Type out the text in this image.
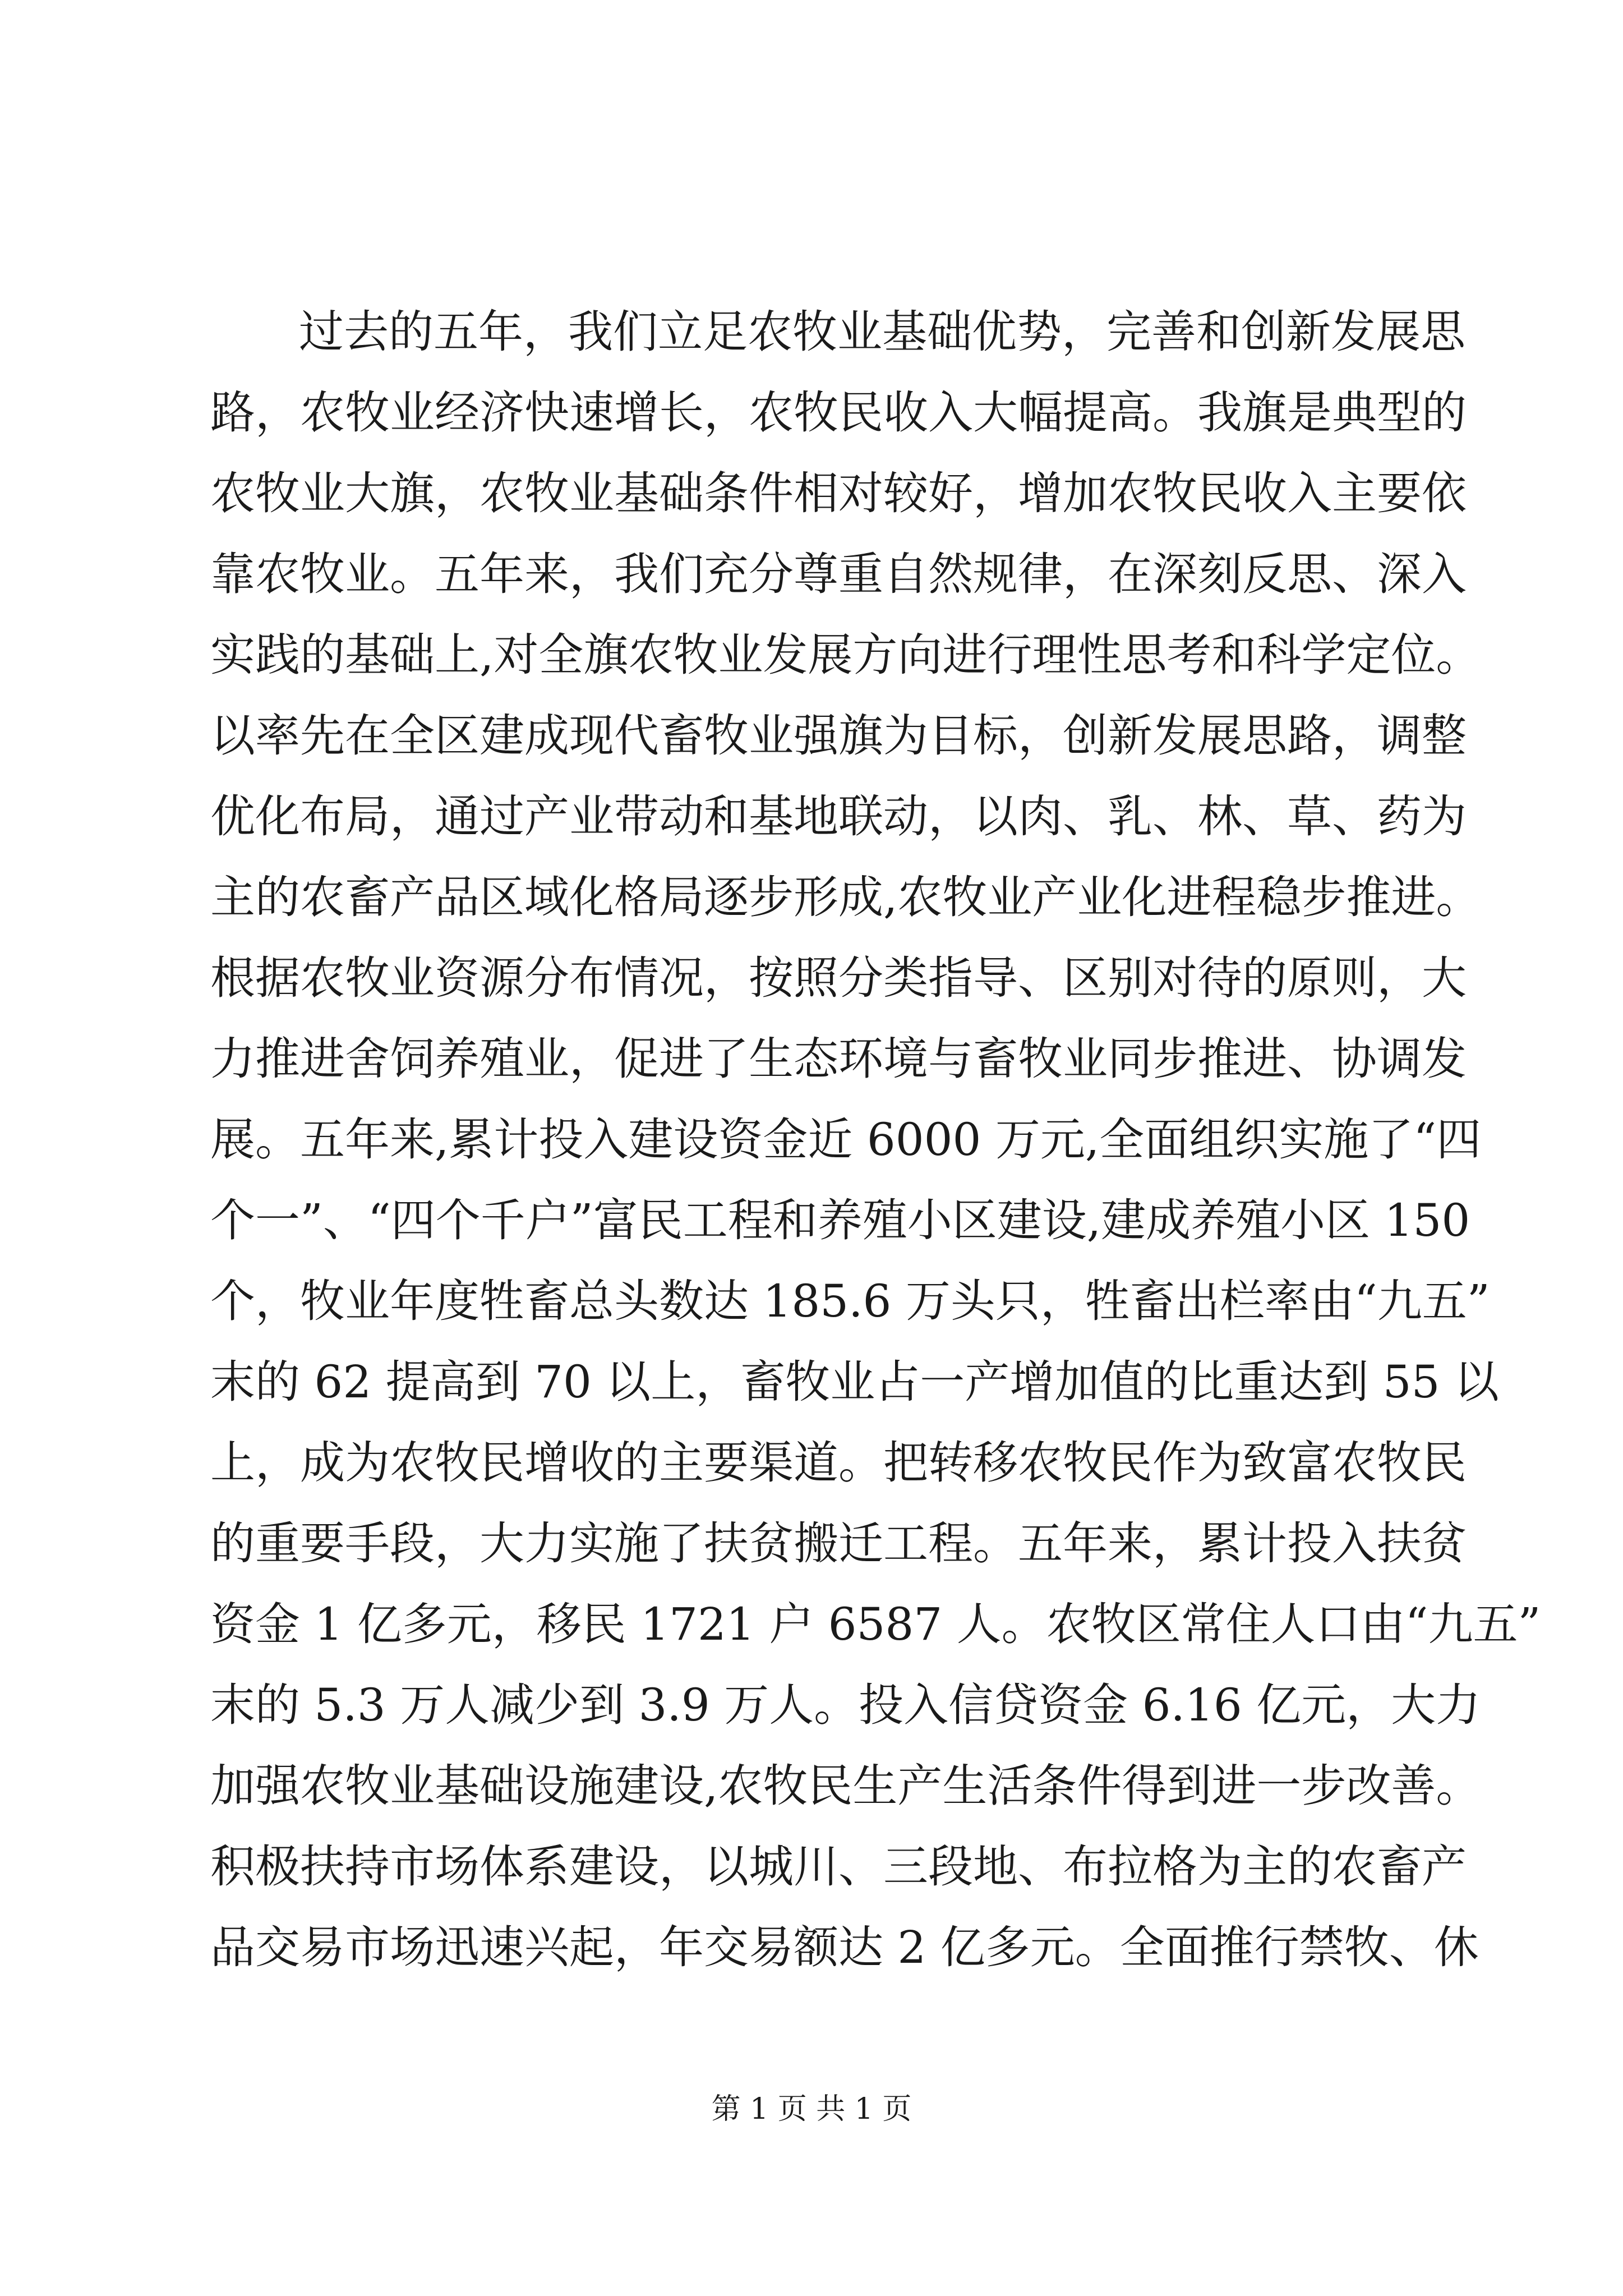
过去的五年，我们立足农牧业基础优势，完善和创新发展思
路，农牧业经济快速增长，农牧民收入大幅提高。我旗是典型的
农牧业大旗，农牧业基础条件相对较好，增加农牧民收入主要依
靠农牧业。五年来，我们充分尊重自然规律，在深刻反思、深入
实践的基础上,对全旗农牧业发展方向进行理性思考和科学定位。
以率先在全区建成现代畜牧业强旗为目标，创新发展思路，调整
优化布局，通过产业带动和基地联动，以肉、乳、林、草、药为
主的农畜产品区域化格局逐步形成,农牧业产业化进程稳步推进。
根据农牧业资源分布情况，按照分类指导、区别对待的原则，大
力推进舍饲养殖业，促进了生态环境与畜牧业同步推进、协调发
展。五年来,累计投入建设资金近 6000 万元,全面组织实施了“四
个一”、“四个千户”富民工程和养殖小区建设,建成养殖小区 150
个，牧业年度牲畜总头数达 185.6 万头只，牲畜出栏率由“九五”
末的 62 提高到 70 以上，畜牧业占一产增加值的比重达到 55 以
上，成为农牧民增收的主要渠道。把转移农牧民作为致富农牧民
的重要手段，大力实施了扶贫搬迁工程。五年来，累计投入扶贫
资金 1 亿多元，移民 1721 户 6587 人。农牧区常住人口由“九五”
末的 5.3 万人减少到 3.9 万人。投入信贷资金 6.16 亿元，大力
加强农牧业基础设施建设,农牧民生产生活条件得到进一步改善。
积极扶持市场体系建设，以城川、三段地、布拉格为主的农畜产
品交易市场迅速兴起，年交易额达 2 亿多元。全面推行禁牧、休
第 1 页 共 1 页
